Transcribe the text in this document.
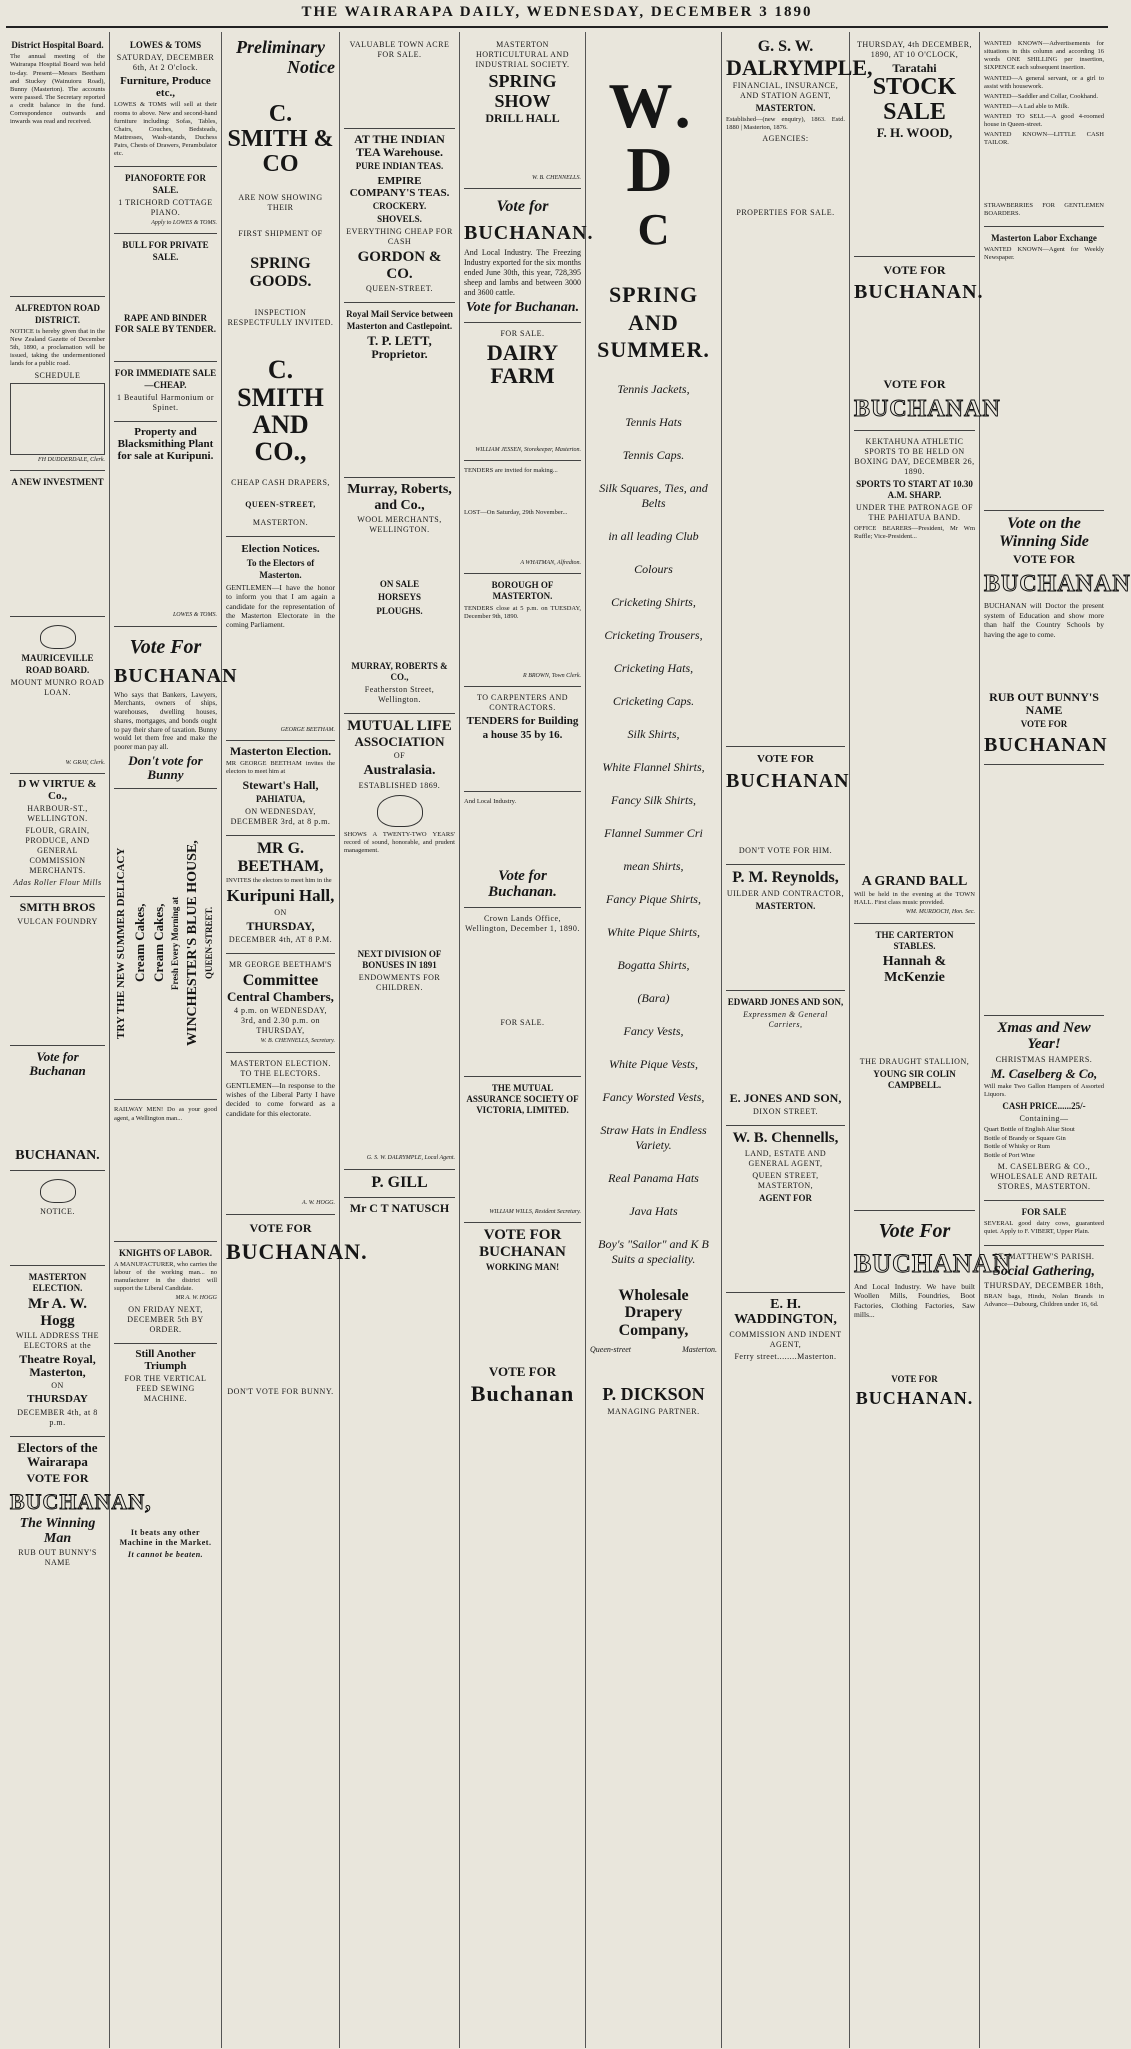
THE WAIRARAPA DAILY, WEDNESDAY, DECEMBER 3 1890
District Hospital Board.
The annual meeting of the Wairarapa Hospital Board was held to-day. Present—Messrs Beetham and Stuckey (Wainuioru Road), Bunny (Masterton). The accounts were passed. The Secretary reported a credit balance in the fund. Correspondence outwards and inwards was read and received.
ALFREDTON ROAD DISTRICT.
NOTICE is hereby given that in the New Zealand Gazette of December 5th, 1890, a proclamation will be issued, taking the undermentioned lands for a public road.
SCHEDULE
FH DUDDERDALE, Clerk.
A NEW INVESTMENT
MAURICEVILLE ROAD BOARD.
MOUNT MUNRO ROAD LOAN.
W. GRAY, Clerk.
D W VIRTUE & Co.,
HARBOUR-ST., WELLINGTON.
FLOUR, GRAIN, PRODUCE, AND GENERAL COMMISSION MERCHANTS.
Adas Roller Flour Mills
SMITH BROS
VULCAN FOUNDRY
Vote for Buchanan
BUCHANAN.
NOTICE.
MASTERTON ELECTION.
Mr A. W. Hogg
WILL ADDRESS THE ELECTORS at the
Theatre Royal, Masterton,
ON
THURSDAY
DECEMBER 4th, at 8 p.m.
Electors of the Wairarapa
VOTE FOR
BUCHANAN,
The Winning Man
RUB OUT BUNNY'S NAME
LOWES & TOMS
SATURDAY, DECEMBER 6th, At 2 O'clock.
Furniture, Produce etc.,
LOWES & TOMS will sell at their rooms to above. New and second-hand furniture including: Sofas, Tables, Chairs, Couches, Bedsteads, Mattresses, Wash-stands, Duchess Pairs, Chests of Drawers, Perambulator etc.
PIANOFORTE FOR SALE.
1 TRICHORD COTTAGE PIANO.
Apply to LOWES & TOMS.
BULL FOR PRIVATE SALE.
RAPE AND BINDER FOR SALE BY TENDER.
FOR IMMEDIATE SALE—CHEAP.
1 Beautiful Harmonium or Spinet.
Property and Blacksmithing Plant for sale at Kuripuni.
LOWES & TOMS.
Vote For
BUCHANAN
Who says that Bankers, Lawyers, Merchants, owners of ships, warehouses, dwelling houses, shares, mortgages, and bonds ought to pay their share of taxation. Bunny would let them free and make the poorer man pay all.
Don't vote for Bunny
TRY THE NEW SUMMER DELICACY Cream Cakes, Cream Cakes, Fresh Every Morning at WINCHESTER'S BLUE HOUSE, QUEEN-STREET.
RAILWAY MEN! Do as your good agent, a Wellington man...
KNIGHTS OF LABOR.
A MANUFACTURER, who carries the labour of the working man... no manufacturer in the district will support the Liberal Candidate.
MR A. W. HOGG
ON FRIDAY NEXT, DECEMBER 5th BY ORDER.
Still Another Triumph
FOR THE VERTICAL FEED SEWING MACHINE.
It beats any other Machine in the Market.
It cannot be beaten.
Preliminary
Notice
C. SMITH & CO
ARE NOW SHOWING THEIR
FIRST SHIPMENT OF
SPRING GOODS.
INSPECTION RESPECTFULLY INVITED.
C. SMITH AND CO.,
CHEAP CASH DRAPERS,
QUEEN-STREET,
MASTERTON.
Election Notices.
To the Electors of Masterton.
GENTLEMEN—I have the honor to inform you that I am again a candidate for the representation of the Masterton Electorate in the coming Parliament.
GEORGE BEETHAM.
Masterton Election.
MR GEORGE BEETHAM invites the electors to meet him at
Stewart's Hall,
PAHIATUA,
ON WEDNESDAY, DECEMBER 3rd, at 8 p.m.
MR G. BEETHAM,
INVITES the electors to meet him in the
Kuripuni Hall,
ON
THURSDAY,
DECEMBER 4th, AT 8 P.M.
MR GEORGE BEETHAM'S
Committee
Central Chambers,
4 p.m. on WEDNESDAY, 3rd, and 2.30 p.m. on THURSDAY,
W. B. CHENNELLS, Secretary.
MASTERTON ELECTION. TO THE ELECTORS.
GENTLEMEN—In response to the wishes of the Liberal Party I have decided to come forward as a candidate for this electorate.
A. W. HOGG.
VOTE FOR
BUCHANAN.
DON'T VOTE FOR BUNNY.
VALUABLE TOWN ACRE FOR SALE.
AT THE INDIAN TEA Warehouse.
PURE INDIAN TEAS.
EMPIRE COMPANY'S TEAS.
CROCKERY.
SHOVELS.
EVERYTHING CHEAP FOR CASH
GORDON & CO.
QUEEN-STREET.
Royal Mail Service between Masterton and Castlepoint.
T. P. LETT,
Proprietor.
Murray, Roberts, and Co.,
WOOL MERCHANTS, WELLINGTON.
ON SALE
HORSEYS
PLOUGHS.
MURRAY, ROBERTS & CO.,
Featherston Street, Wellington.
MUTUAL LIFE
ASSOCIATION
OF
Australasia.
ESTABLISHED 1869.
SHOWS A TWENTY-TWO YEARS' record of sound, honorable, and prudent management.
NEXT DIVISION OF BONUSES IN 1891
ENDOWMENTS FOR CHILDREN.
G. S. W. DALRYMPLE, Local Agent.
P. GILL
Mr C T NATUSCH
MASTERTON HORTICULTURAL AND INDUSTRIAL SOCIETY.
SPRING SHOW
DRILL HALL
W. B. CHENNELLS.
Vote for
BUCHANAN.
And Local Industry. The Freezing Industry exported for the six months ended June 30th, this year, 728,395 sheep and lambs and between 3000 and 3600 cattle.
Vote for Buchanan.
FOR SALE.
DAIRY FARM
WILLIAM JESSEN, Storekeeper, Masterton.
TENDERS are invited for making...
LOST—On Saturday, 29th November...
A WHATMAN, Alfredton.
BOROUGH OF MASTERTON.
TENDERS close at 5 p.m. on TUESDAY, December 9th, 1890.
R BROWN, Town Clerk.
TO CARPENTERS AND CONTRACTORS.
TENDERS for Building a house 35 by 16.
And Local Industry.
Vote for Buchanan.
Crown Lands Office, Wellington, December 1, 1890.
FOR SALE.
THE MUTUAL ASSURANCE SOCIETY OF VICTORIA, LIMITED.
WILLIAM WILLS, Resident Secretary.
VOTE FOR BUCHANAN
WORKING MAN!
VOTE FOR
Buchanan
W. D
C
SPRING AND SUMMER.
Tennis Jackets,
Tennis Hats
Tennis Caps.
Silk Squares, Ties, and Belts
in all leading Club
Colours
Cricketing Shirts,
Cricketing Trousers,
Cricketing Hats,
Cricketing Caps.
Silk Shirts,
White Flannel Shirts,
Fancy Silk Shirts,
Flannel Summer Cri
mean Shirts,
Fancy Pique Shirts,
White Pique Shirts,
Bogatta Shirts,
(Bara)
Fancy Vests,
White Pique Vests,
Fancy Worsted Vests,
Straw Hats in Endless Variety.
Real Panama Hats
Java Hats
Boy's "Sailor" and K B Suits a speciality.
Wholesale Drapery Company,
Queen-street	Masterton.
P. DICKSON
MANAGING PARTNER.
G. S. W.
DALRYMPLE,
FINANCIAL, INSURANCE, AND STATION AGENT,
MASTERTON.
Established—(new enquiry), 1863. Estd. 1880 | Masterton, 1876.
AGENCIES:
PROPERTIES FOR SALE.
VOTE FOR
BUCHANAN
DON'T VOTE FOR HIM.
P. M. Reynolds,
UILDER AND CONTRACTOR,
MASTERTON.
EDWARD JONES AND SON,
Expressmen & General Carriers,
E. JONES AND SON,
DIXON STREET.
W. B. Chennells,
LAND, ESTATE AND GENERAL AGENT,
QUEEN STREET, MASTERTON,
AGENT FOR
E. H. WADDINGTON,
COMMISSION AND INDENT AGENT,
Ferry street........Masterton.
THURSDAY, 4th DECEMBER, 1890, AT 10 O'CLOCK,
Taratahi
STOCK SALE
F. H. WOOD,
VOTE FOR
BUCHANAN.
VOTE FOR
BUCHANAN
KEKTAHUNA ATHLETIC SPORTS TO BE HELD ON BOXING DAY, DECEMBER 26, 1890.
SPORTS TO START AT 10.30 A.M. SHARP.
UNDER THE PATRONAGE OF THE PAHIATUA BAND.
OFFICE BEARERS—President, Mr Wm Ruffle; Vice-President...
A GRAND BALL
Will be held in the evening at the TOWN HALL. First class music provided.
WM. MURDOCH, Hon. Sec.
THE CARTERTON STABLES.
Hannah & McKenzie
THE DRAUGHT STALLION,
YOUNG SIR COLIN CAMPBELL.
Vote For
BUCHANAN
And Local Industry. We have built Woollen Mills, Foundries, Boot Factories, Clothing Factories, Saw mills...
VOTE FOR
BUCHANAN.
WANTED KNOWN—Advertisements for situations in this column and according 16 words ONE SHILLING per insertion, SIXPENCE each subsequent insertion.
WANTED—A general servant, or a girl to assist with housework.
WANTED—Saddler and Collar, Cookhand.
WANTED—A Lad able to Milk.
WANTED TO SELL—A good 4-roomed house in Queen-street.
WANTED KNOWN—LITTLE CASH TAILOR.
STRAWBERRIES FOR GENTLEMEN BOARDERS.
Masterton Labor Exchange
WANTED KNOWN—Agent for Weekly Newspaper.
Vote on the Winning Side
VOTE FOR
BUCHANAN
BUCHANAN will Doctor the present system of Education and show more than half the Country Schools by having the age to come.
RUB OUT BUNNY'S
NAME
VOTE FOR
BUCHANAN
Xmas and New Year!
CHRISTMAS HAMPERS.
M. Caselberg & Co,
Will make Two Gallon Hampers of Assorted Liquors.
CASH PRICE......25/-
Containing—
Quart Bottle of English Altar Stout
Bottle of Brandy or Square Gin
Bottle of Whisky or Rum
Bottle of Port Wine
M. CASELBERG & CO., WHOLESALE AND RETAIL STORES, MASTERTON.
FOR SALE
SEVERAL good dairy cows, guaranteed quiet. Apply to F. VIBERT, Upper Plain.
ST. MATTHEW'S PARISH.
Social Gathering,
THURSDAY, DECEMBER 18th,
BRAN bags, Hindu, Nolan Brands in Advance—Dubourg, Children under 16, 6d.
